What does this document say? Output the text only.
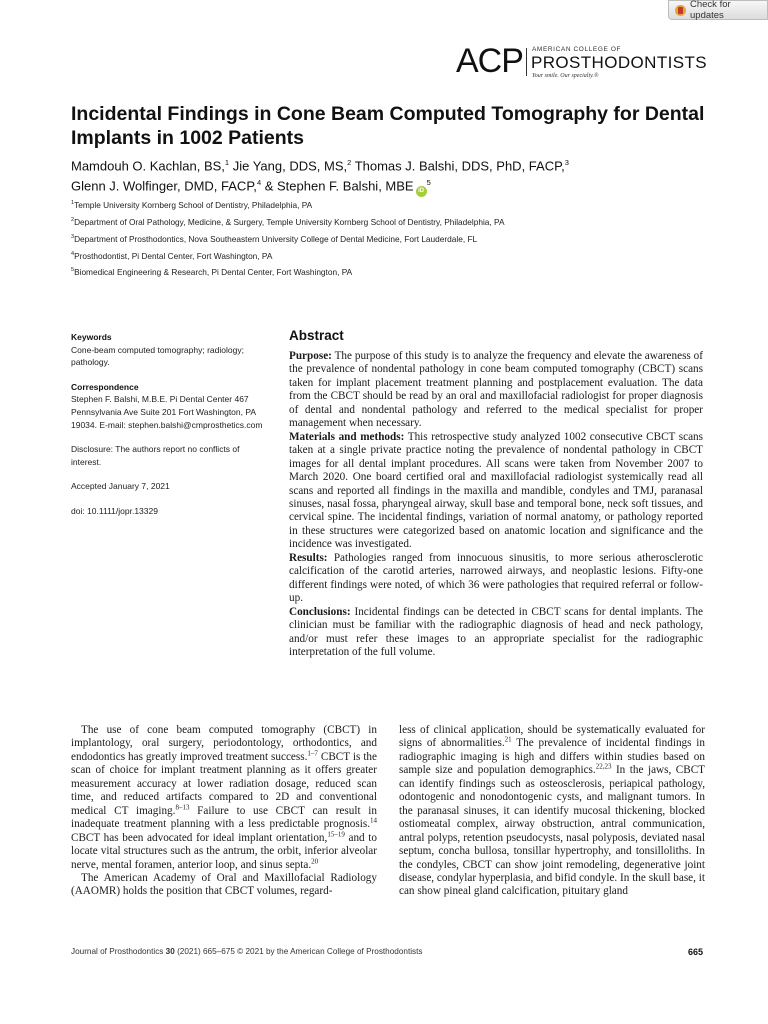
Check for updates
ACP AMERICAN COLLEGE OF
PROSTHODONTISTS
Your smile. Our specialty.®
Incidental Findings in Cone Beam Computed Tomography for Dental Implants in 1002 Patients
Mamdouh O. Kachlan, BS,$^1$ Jie Yang, DDS, MS,$^2$ Thomas J. Balshi, DDS, PhD, FACP,$^3$
Glenn J. Wolfinger, DMD, FACP,$^4$ & Stephen F. Balshi, MBE $iD^5$
$^1$Temple University Kornberg School of Dentistry, Philadelphia, PA
$^2$Department of Oral Pathology, Medicine, & Surgery, Temple University Kornberg School of Dentistry, Philadelphia, PA
$^3$Department of Prosthodontics, Nova Southeastern University College of Dental Medicine, Fort Lauderdale, FL
$^4$Prosthodontist, Pi Dental Center, Fort Washington, PA
$^5$Biomedical Engineering & Research, Pi Dental Center, Fort Washington, PA

Keywords

Cone-beam computed tomography; radiology; pathology.

Correspondence

Stephen F. Balshi, M.B.E. Pi Dental Center 467 Pennsylvania Ave Suite 201 Fort Washington, PA 19034. E-mail: stephen.balshi@cmprosthetics.com

Disclosure: The authors report no conflicts of interest.

Accepted January 7, 2021

doi: 10.1111/jopr.13329

Abstract

Purpose: The purpose of this study is to analyze the frequency and elevate the awareness of the prevalence of nondental pathology in cone beam computed tomography (CBCT) scans taken for implant placement treatment planning and postplacement evaluation. The data from the CBCT should be read by an oral and maxillofacial radiologist for proper diagnosis of dental and nondental pathology and referred to the medical specialist for proper management when necessary.

Materials and methods: This retrospective study analyzed 1002 consecutive CBCT scans taken at a single private practice noting the prevalence of nondental pathology in CBCT images for all dental implant procedures. All scans were taken from November 2007 to March 2020. One board certified oral and maxillofacial radiologist systemically read all scans and reported all findings in the maxilla and mandible, condyles and TMJ, paranasal sinuses, nasal fossa, pharyngeal airway, skull base and temporal bone, neck soft tissues, and cervical spine. The incidental findings, variation of normal anatomy, or pathology reported in these structures were categorized based on anatomic location and significance and the incidence was investigated.

Results: Pathologies ranged from innocuous sinusitis, to more serious atherosclerotic calcification of the carotid arteries, narrowed airways, and neoplastic lesions. Fifty-one different findings were noted, of which 36 were pathologies that required referral or follow-up.

Conclusions: Incidental findings can be detected in CBCT scans for dental implants. The clinician must be familiar with the radiographic diagnosis of head and neck pathology, and/or must refer these images to an appropriate specialist for the radiographic interpretation of the full volume.

The use of cone beam computed tomography (CBCT) in implantology, oral surgery, periodontology, orthodontics, and endodontics has greatly improved treatment success.$^{1-7}$ CBCT is the scan of choice for implant treatment planning as it offers greater measurement accuracy at lower radiation dosage, reduced scan time, and reduced artifacts compared to 2D and conventional medical CT imaging.$^{8-13}$ Failure to use CBCT can result in inadequate treatment planning with a less predictable prognosis.$^{14}$ CBCT has been advocated for ideal implant orientation,$^{15-19}$ and to locate vital structures such as the antrum, the orbit, inferior alveolar nerve, mental foramen, anterior loop, and sinus septa.$^{20}$

The American Academy of Oral and Maxillofacial Radiology (AAOMR) holds the position that CBCT volumes, regard-

less of clinical application, should be systematically evaluated for signs of abnormalities.$^{21}$ The prevalence of incidental findings in radiographic imaging is high and differs within studies based on sample size and population demographics.$^{22,23}$ In the jaws, CBCT can identify findings such as osteosclerosis, periapical pathology, odontogenic and nonodontogenic cysts, and malignant tumors. In the paranasal sinuses, it can identify mucosal thickening, blocked ostiomeatal complex, airway obstruction, antral communication, antral polyps, retention pseudocysts, nasal polyposis, deviated nasal septum, concha bullosa, tonsillar hypertrophy, and tonsilloliths. In the condyles, CBCT can show joint remodeling, degenerative joint disease, condylar hyperplasia, and bifid condyle. In the skull base, it can show pineal gland calcification, pituitary gland

Journal of Prosthodontics 30 (2021) 665–675 © 2021 by the American College of Prosthodontists	665
